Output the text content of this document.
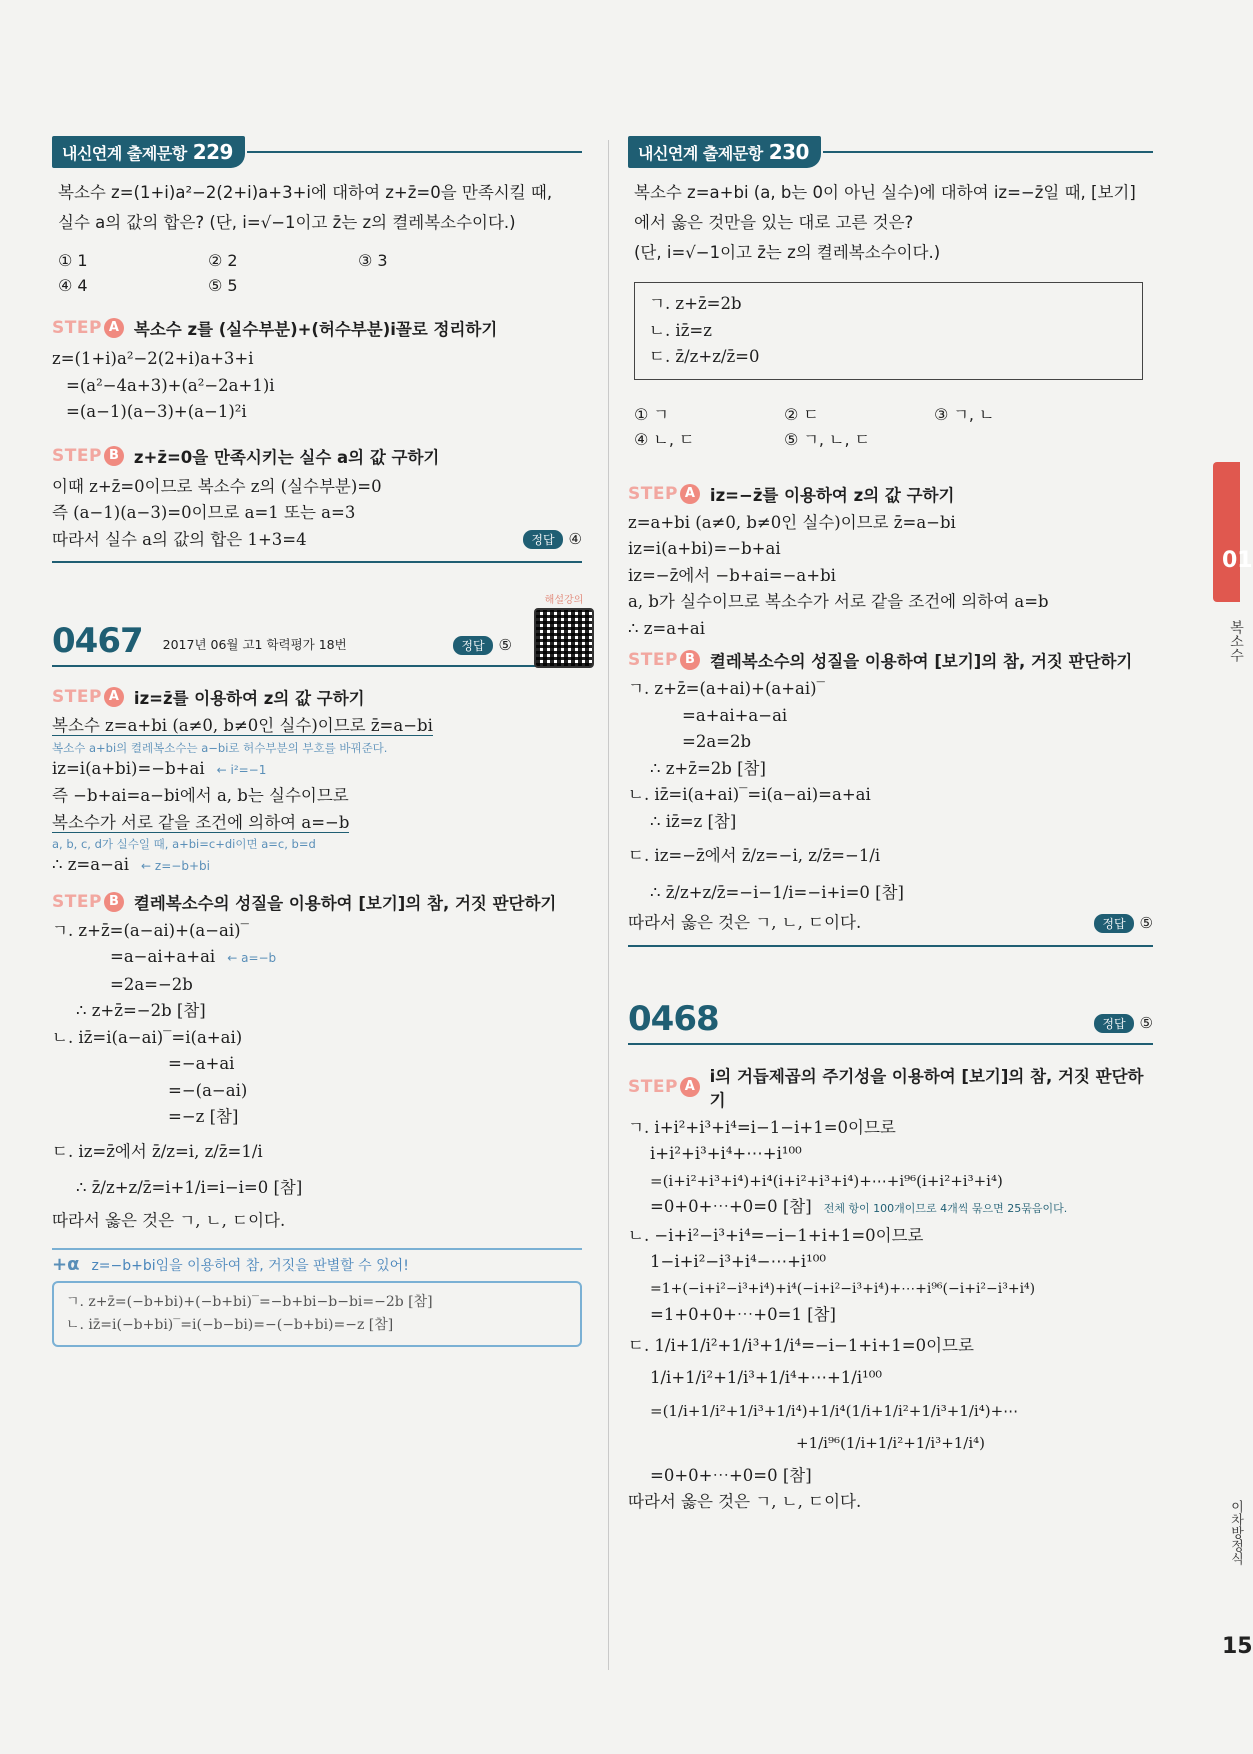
내신연계 출제문항 229
복소수 z=(1+i)a²−2(2+i)a+3+i에 대하여 z+z̄=0을 만족시킬 때,
실수 a의 값의 합은? (단, i=√−1이고 z̄는 z의 켤레복소수이다.)
① 1	② 2	③ 3
④ 4	⑤ 5
STEP A 복소수 z를 (실수부분)+(허수부분)i꼴로 정리하기
z=(1+i)a²−2(2+i)a+3+i
=(a²−4a+3)+(a²−2a+1)i
=(a−1)(a−3)+(a−1)²i
STEP B z+z̄=0을 만족시키는 실수 a의 값 구하기
이때 z+z̄=0이므로 복소수 z의 (실수부분)=0
즉 (a−1)(a−3)=0이므로 a=1 또는 a=3
따라서 실수 a의 값의 합은 1+3=4	정답 ④
0467 2017년 06월 고1 학력평가 18번	정답 ⑤
해설강의
STEP A iz=z̄를 이용하여 z의 값 구하기
복소수 z=a+bi (a≠0, b≠0인 실수)이므로 z̄=a−bi
복소수 a+bi의 켤레복소수는 a−bi로 허수부분의 부호를 바꿔준다.
iz=i(a+bi)=−b+ai ← i²=−1
즉 −b+ai=a−bi에서 a, b는 실수이므로
복소수가 서로 같을 조건에 의하여 a=−b
a, b, c, d가 실수일 때, a+bi=c+di이면 a=c, b=d
∴ z=a−ai ← z=−b+bi
STEP B 켤레복소수의 성질을 이용하여 [보기]의 참, 거짓 판단하기
ㄱ. z+z̄=(a−ai)+(a−ai)‾
=a−ai+a+ai ← a=−b
=2a=−2b
∴ z+z̄=−2b [참]
ㄴ. iz̄=i(a−ai)‾=i(a+ai)
=−a+ai
=−(a−ai)
=−z [참]
ㄷ. iz=z̄에서 z̄/z=i, z/z̄=1/i
∴ z̄/z+z/z̄=i+1/i=i−i=0 [참]
따라서 옳은 것은 ㄱ, ㄴ, ㄷ이다.
+α z=−b+bi임을 이용하여 참, 거짓을 판별할 수 있어!
ㄱ. z+z̄=(−b+bi)+(−b+bi)‾=−b+bi−b−bi=−2b [참]
ㄴ. iz̄=i(−b+bi)‾=i(−b−bi)=−(−b+bi)=−z [참]
내신연계 출제문항 230
복소수 z=a+bi (a, b는 0이 아닌 실수)에 대하여 iz=−z̄일 때, [보기]
에서 옳은 것만을 있는 대로 고른 것은?
(단, i=√−1이고 z̄는 z의 켤레복소수이다.)
ㄱ. z+z̄=2b
ㄴ. iz̄=z
ㄷ. z̄/z+z/z̄=0
① ㄱ	② ㄷ	③ ㄱ, ㄴ
④ ㄴ, ㄷ	⑤ ㄱ, ㄴ, ㄷ
STEP A iz=−z̄를 이용하여 z의 값 구하기
z=a+bi (a≠0, b≠0인 실수)이므로 z̄=a−bi
iz=i(a+bi)=−b+ai
iz=−z̄에서 −b+ai=−a+bi
a, b가 실수이므로 복소수가 서로 같을 조건에 의하여 a=b
∴ z=a+ai
STEP B 켤레복소수의 성질을 이용하여 [보기]의 참, 거짓 판단하기
ㄱ. z+z̄=(a+ai)+(a+ai)‾
=a+ai+a−ai
=2a=2b
∴ z+z̄=2b [참]
ㄴ. iz̄=i(a+ai)‾=i(a−ai)=a+ai
∴ iz̄=z [참]
ㄷ. iz=−z̄에서 z̄/z=−i, z/z̄=−1/i
∴ z̄/z+z/z̄=−i−1/i=−i+i=0 [참]
따라서 옳은 것은 ㄱ, ㄴ, ㄷ이다.	정답 ⑤
0468	정답 ⑤
STEP A
i의 거듭제곱의 주기성을 이용하여 [보기]의 참, 거짓 판단하기
ㄱ. i+i²+i³+i⁴=i−1−i+1=0이므로
i+i²+i³+i⁴+⋯+i¹⁰⁰
=(i+i²+i³+i⁴)+i⁴(i+i²+i³+i⁴)+⋯+i⁹⁶(i+i²+i³+i⁴)
=0+0+⋯+0=0 [참] 전체 항이 100개이므로 4개씩 묶으면 25묶음이다.
ㄴ. −i+i²−i³+i⁴=−i−1+i+1=0이므로
1−i+i²−i³+i⁴−⋯+i¹⁰⁰
=1+(−i+i²−i³+i⁴)+i⁴(−i+i²−i³+i⁴)+⋯+i⁹⁶(−i+i²−i³+i⁴)
=1+0+0+⋯+0=1 [참]
ㄷ. 1/i+1/i²+1/i³+1/i⁴=−i−1+i+1=0이므로
1/i+1/i²+1/i³+1/i⁴+⋯+1/i¹⁰⁰
=(1/i+1/i²+1/i³+1/i⁴)+1/i⁴(1/i+1/i²+1/i³+1/i⁴)+⋯
+1/i⁹⁶(1/i+1/i²+1/i³+1/i⁴)
=0+0+⋯+0=0 [참]
따라서 옳은 것은 ㄱ, ㄴ, ㄷ이다.
01
복소수
이차방정식
15
